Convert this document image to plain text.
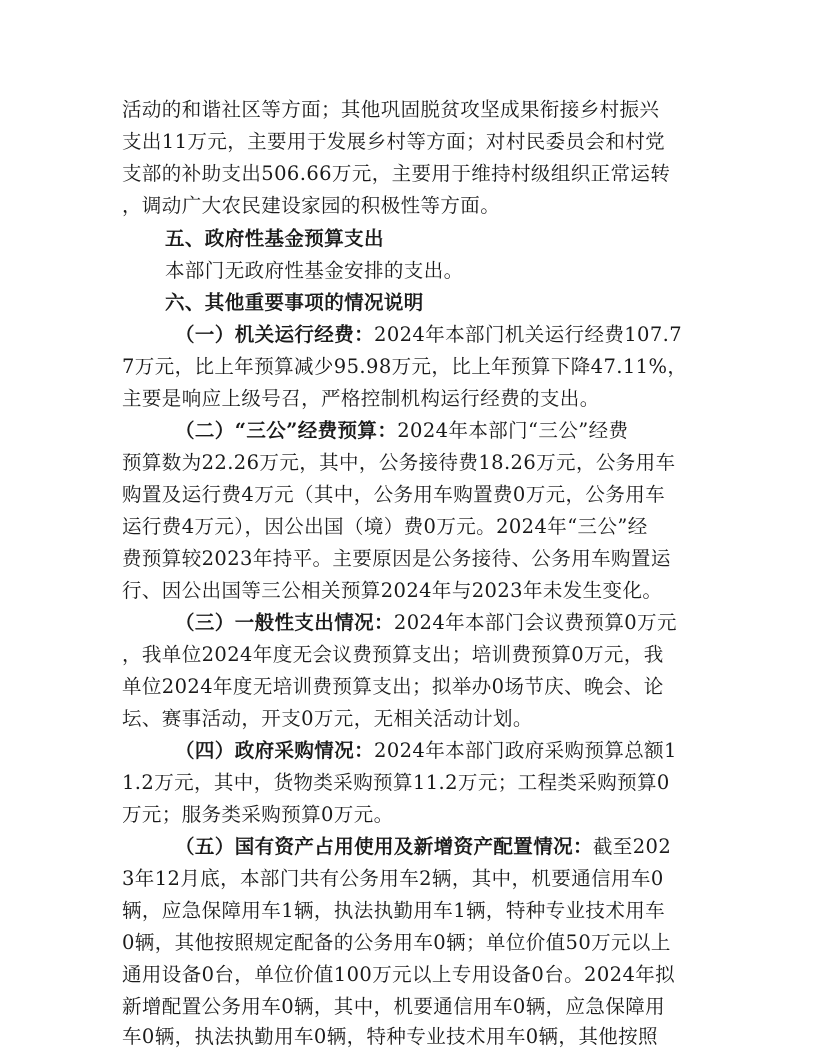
活动的和谐社区等方面；其他巩固脱贫攻坚成果衔接乡村振兴
支出11万元，主要用于发展乡村等方面；对村民委员会和村党
支部的补助支出506.66万元，主要用于维持村级组织正常运转
，调动广大农民建设家园的积极性等方面。
五、政府性基金预算支出
本部门无政府性基金安排的支出。
六、其他重要事项的情况说明
（一）机关运行经费：2024年本部门机关运行经费107.7
7万元，比上年预算减少95.98万元，比上年预算下降47.11%，
主要是响应上级号召，严格控制机构运行经费的支出。
（二）“三公”经费预算：2024年本部门“三公”经费
预算数为22.26万元，其中，公务接待费18.26万元，公务用车
购置及运行费4万元（其中，公务用车购置费0万元，公务用车
运行费4万元），因公出国（境）费0万元。2024年“三公”经
费预算较2023年持平。主要原因是公务接待、公务用车购置运
行、因公出国等三公相关预算2024年与2023年未发生变化。
（三）一般性支出情况：2024年本部门会议费预算0万元
，我单位2024年度无会议费预算支出；培训费预算0万元，我
单位2024年度无培训费预算支出；拟举办0场节庆、晚会、论
坛、赛事活动，开支0万元，无相关活动计划。
（四）政府采购情况：2024年本部门政府采购预算总额1
1.2万元，其中，货物类采购预算11.2万元；工程类采购预算0
万元；服务类采购预算0万元。
（五）国有资产占用使用及新增资产配置情况：截至202
3年12月底，本部门共有公务用车2辆，其中，机要通信用车0
辆，应急保障用车1辆，执法执勤用车1辆，特种专业技术用车
0辆，其他按照规定配备的公务用车0辆；单位价值50万元以上
通用设备0台，单位价值100万元以上专用设备0台。2024年拟
新增配置公务用车0辆，其中，机要通信用车0辆，应急保障用
车0辆，执法执勤用车0辆，特种专业技术用车0辆，其他按照
